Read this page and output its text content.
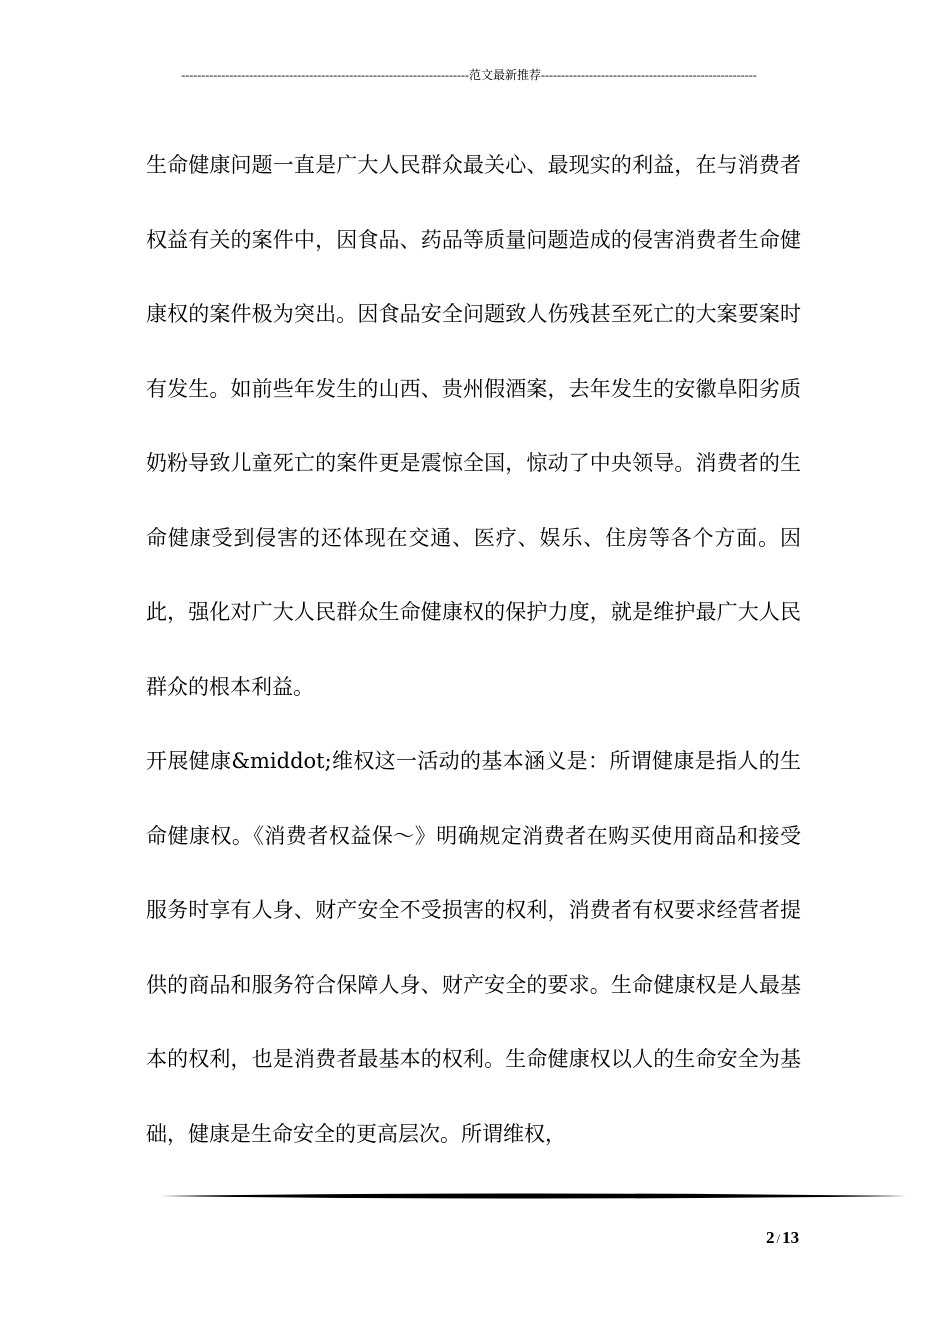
------------------------------------------------------------------------范文最新推荐------------------------------------------------------

生命健康问题一直是广大人民群众最关心、最现实的利益，在与消费者权益有关的案件中，因食品、药品等质量问题造成的侵害消费者生命健康权的案件极为突出。因食品安全问题致人伤残甚至死亡的大案要案时有发生。如前些年发生的山西、贵州假酒案，去年发生的安徽阜阳劣质奶粉导致儿童死亡的案件更是震惊全国，惊动了中央领导。消费者的生命健康受到侵害的还体现在交通、医疗、娱乐、住房等各个方面。因此，强化对广大人民群众生命健康权的保护力度，就是维护最广大人民群众的根本利益。

开展健康&middot;维权这一活动的基本涵义是：所谓健康是指人的生命健康权。《消费者权益保～》明确规定消费者在购买使用商品和接受服务时享有人身、财产安全不受损害的权利，消费者有权要求经营者提供的商品和服务符合保障人身、财产安全的要求。生命健康权是人最基本的权利，也是消费者最基本的权利。生命健康权以人的生命安全为基础，健康是生命安全的更高层次。所谓维权，

2 / 13
